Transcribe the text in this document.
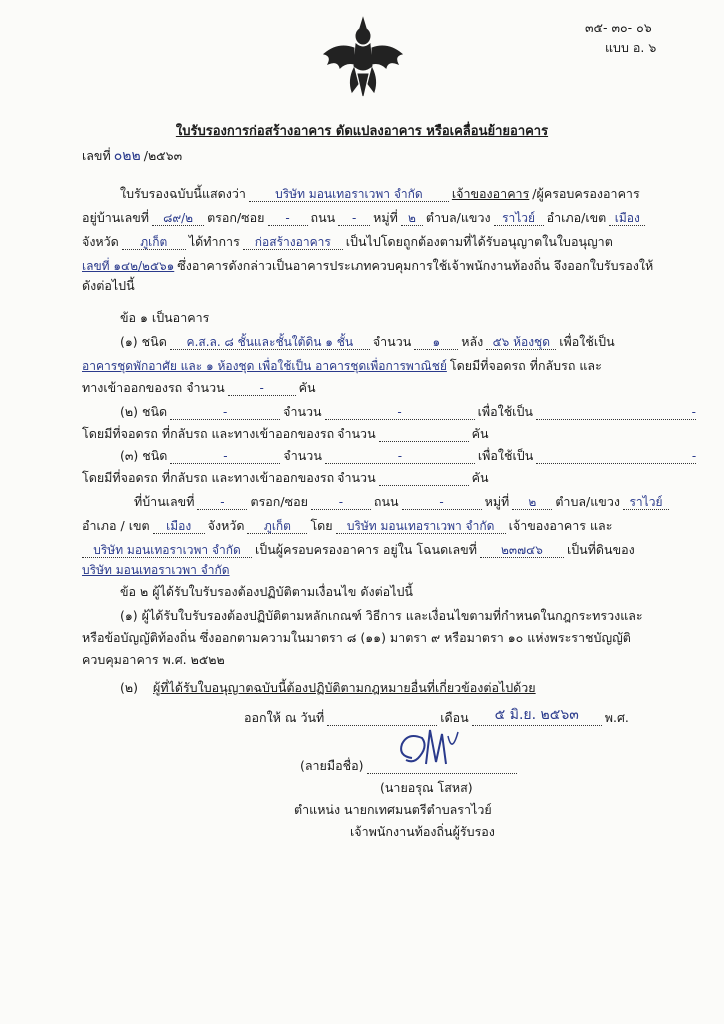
๓๕- ๓๐- ๐๖
แบบ อ. ๖
ใบรับรองการก่อสร้างอาคาร ดัดแปลงอาคาร หรือเคลื่อนย้ายอาคาร
เลขที่ ๐๒๒ /๒๕๖๓
ใบรับรองฉบับนี้แสดงว่า	บริษัท มอนเทอราเวพา จำกัด	เจ้าของอาคาร /ผู้ครอบครองอาคาร
อยู่บ้านเลขที่	๘๙/๒	ตรอก/ซอย	-	ถนน	-	หมู่ที่ ๒ ตำบล/แขวง ราไวย์ อำเภอ/เขต เมือง
จังหวัด	ภูเก็ต	ได้ทำการ	ก่อสร้างอาคาร	เป็นไปโดยถูกต้องตามที่ได้รับอนุญาตในใบอนุญาต
เลขที่ ๑๔๒/๒๕๖๑ ซึ่งอาคารดังกล่าวเป็นอาคารประเภทควบคุมการใช้เจ้าพนักงานท้องถิ่น จึงออกใบรับรองให้
ดังต่อไปนี้
ข้อ ๑ เป็นอาคาร
(๑) ชนิด	ค.ส.ล. ๘ ชั้นและชั้นใต้ดิน ๑ ชั้น	จำนวน	๑	หลัง ๕๖ ห้องชุด เพื่อใช้เป็น
อาคารชุดพักอาศัย และ ๑ ห้องชุด เพื่อใช้เป็น อาคารชุดเพื่อการพาณิชย์ โดยมีที่จอดรถ ที่กลับรถ และ
ทางเข้าออกของรถ จำนวน	-	คัน
(๒) ชนิด	-	จำนวน	-	เพื่อใช้เป็น	-
โดยมีที่จอดรถ ที่กลับรถ และทางเข้าออกของรถ จำนวน	คัน
(๓) ชนิด	-	จำนวน	-	เพื่อใช้เป็น	-
โดยมีที่จอดรถ ที่กลับรถ และทางเข้าออกของรถ จำนวน	คัน
ที่บ้านเลขที่	-	ตรอก/ซอย	-	ถนน	-	หมู่ที่	๒	ตำบล/แขวง ราไวย์
อำเภอ / เขต	เมือง	จังหวัด	ภูเก็ต	โดย	บริษัท มอนเทอราเวพา จำกัด	เจ้าของอาคาร และ
บริษัท มอนเทอราเวพา จำกัด	เป็นผู้ครอบครองอาคาร อยู่ใน โฉนดเลขที่	๒๓๗๔๖	เป็นที่ดินของ
บริษัท มอนเทอราเวพา จำกัด
ข้อ ๒ ผู้ได้รับใบรับรองต้องปฏิบัติตามเงื่อนไข ดังต่อไปนี้
(๑) ผู้ได้รับใบรับรองต้องปฏิบัติตามหลักเกณฑ์ วิธีการ และเงื่อนไขตามที่กำหนดในกฎกระทรวงและ
หรือข้อบัญญัติท้องถิ่น ซึ่งออกตามความในมาตรา ๘ (๑๑) มาตรา ๙ หรือมาตรา ๑๐ แห่งพระราชบัญญัติ
ควบคุมอาคาร พ.ศ. ๒๕๒๒
(๒) ผู้ที่ได้รับใบอนุญาตฉบับนี้ต้องปฏิบัติตามกฎหมายอื่นที่เกี่ยวข้องต่อไปด้วย
ออกให้ ณ วันที่	เดือน	๕ มิ.ย. ๒๕๖๓	พ.ศ.
(ลายมือชื่อ)
(นายอรุณ โสหส)
ตำแหน่ง นายกเทศมนตรีตำบลราไวย์
เจ้าพนักงานท้องถิ่นผู้รับรอง
